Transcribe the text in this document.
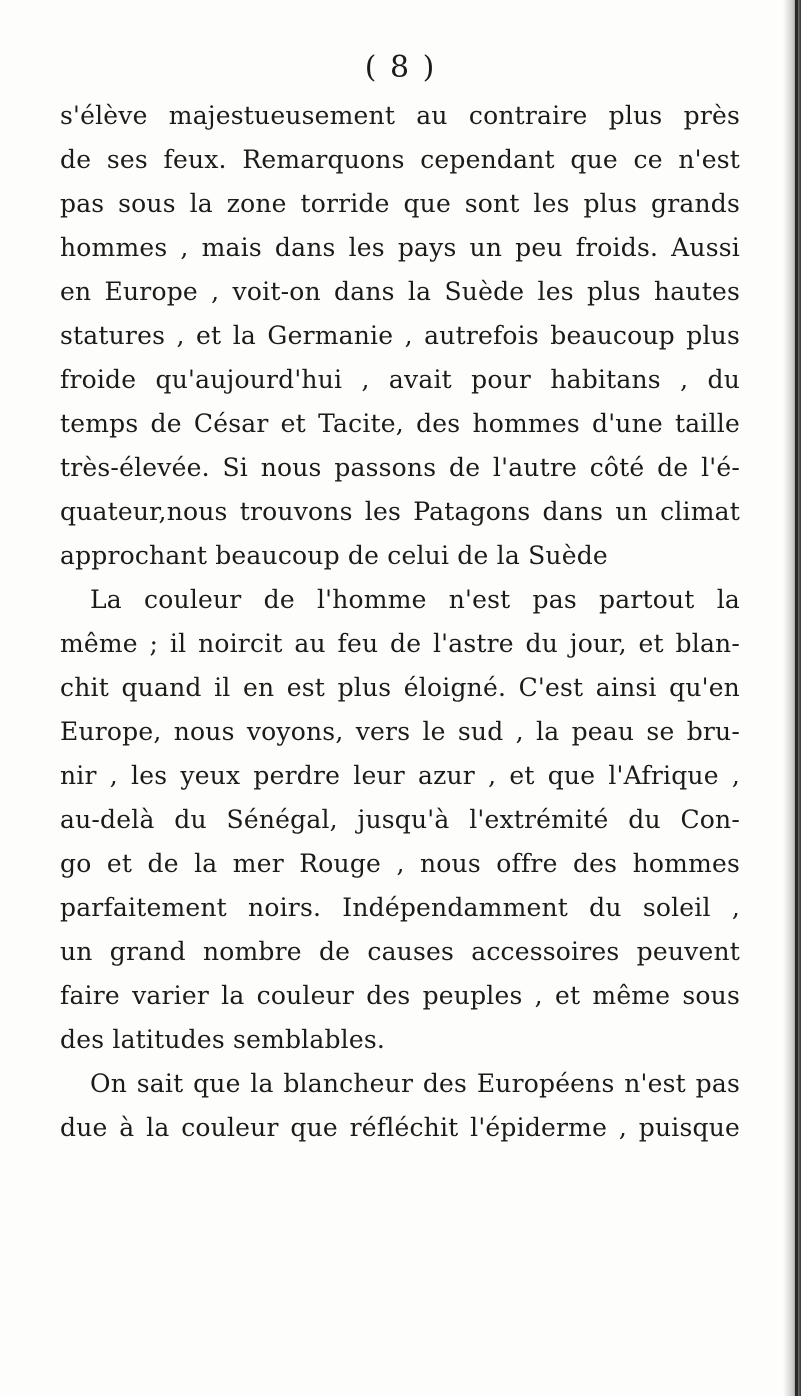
( 8 )
s'élève majestueusement au contraire plus près
de ses feux. Remarquons cependant que ce n'est
pas sous la zone torride que sont les plus grands
hommes , mais dans les pays un peu froids. Aussi
en Europe , voit-on dans la Suède les plus hautes
statures , et la Germanie , autrefois beaucoup plus
froide qu'aujourd'hui , avait pour habitans , du
temps de César et Tacite, des hommes d'une taille
très-élevée. Si nous passons de l'autre côté de l'é-
quateur,nous trouvons les Patagons dans un climat
approchant beaucoup de celui de la Suède
La couleur de l'homme n'est pas partout la
même ; il noircit au feu de l'astre du jour, et blan-
chit quand il en est plus éloigné. C'est ainsi qu'en
Europe, nous voyons, vers le sud , la peau se bru-
nir , les yeux perdre leur azur , et que l'Afrique ,
au-delà du Sénégal, jusqu'à l'extrémité du Con-
go et de la mer Rouge , nous offre des hommes
parfaitement noirs. Indépendamment du soleil ,
un grand nombre de causes accessoires peuvent
faire varier la couleur des peuples , et même sous
des latitudes semblables.
On sait que la blancheur des Européens n'est pas
due à la couleur que réfléchit l'épiderme , puisque
